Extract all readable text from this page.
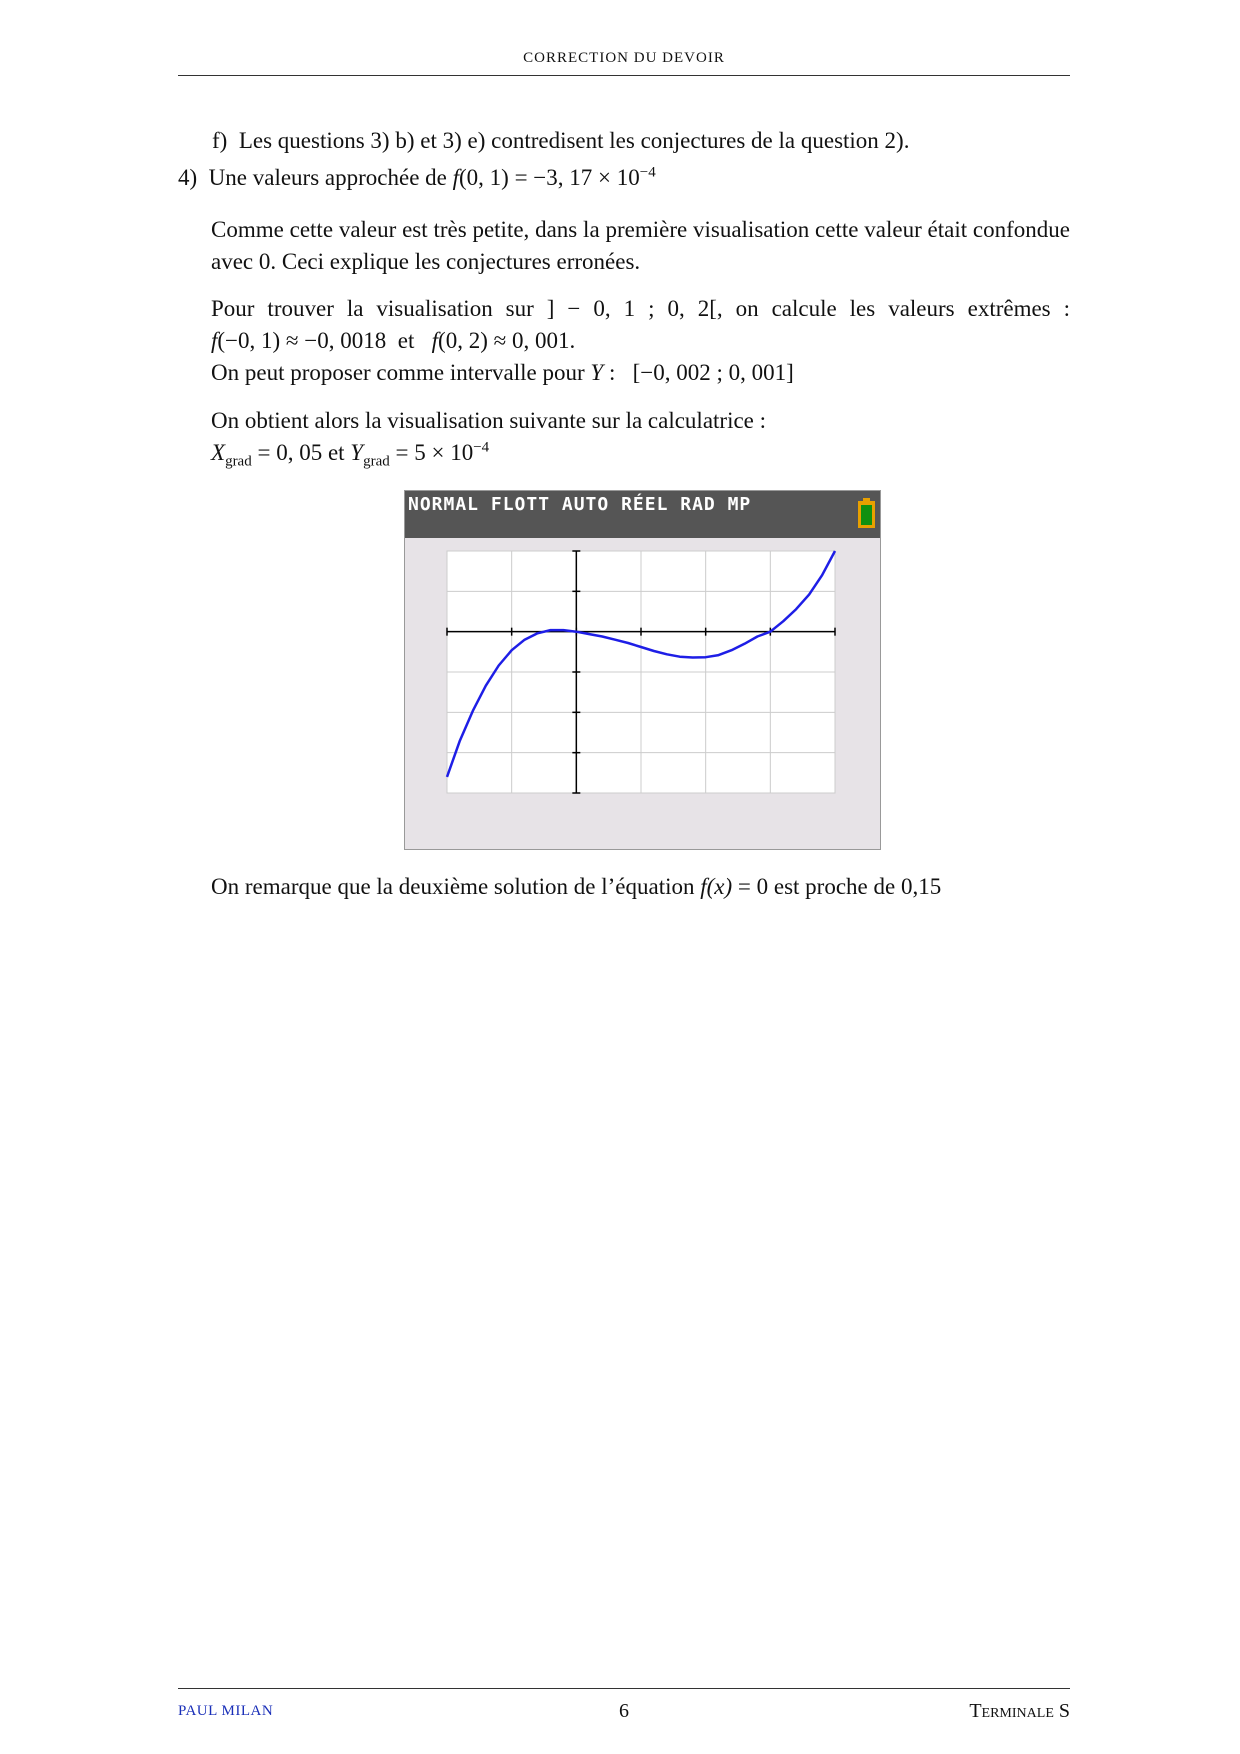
CORRECTION DU DEVOIR
f) Les questions 3) b) et 3) e) contredisent les conjectures de la question 2).
4) Une valeurs approchée de f(0, 1) = −3, $17 \times 10^{-4}$
Comme cette valeur est très petite, dans la première visualisation cette valeur était confondue avec 0. Ceci explique les conjectures erronées.
Pour trouver la visualisation sur ] − 0, 1 ; 0, 2[, on calcule les valeurs extrêmes :
f(−0, 1) ≈ −0, 0018 et f(0, 2) ≈ 0, 001.
On peut proposer comme intervalle pour Y :   [−0, 002 ; 0, 001]
On obtient alors la visualisation suivante sur la calculatrice :
$X_{grad} = 0$, 05 et $Y_{grad} = 5 \times 10^{-4}$
On remarque que la deuxième solution de l’équation f(x) = 0 est proche de 0,15
NORMAL FLOTT AUTO RÉEL RAD MP
PAUL MILAN	6	Terminale S
